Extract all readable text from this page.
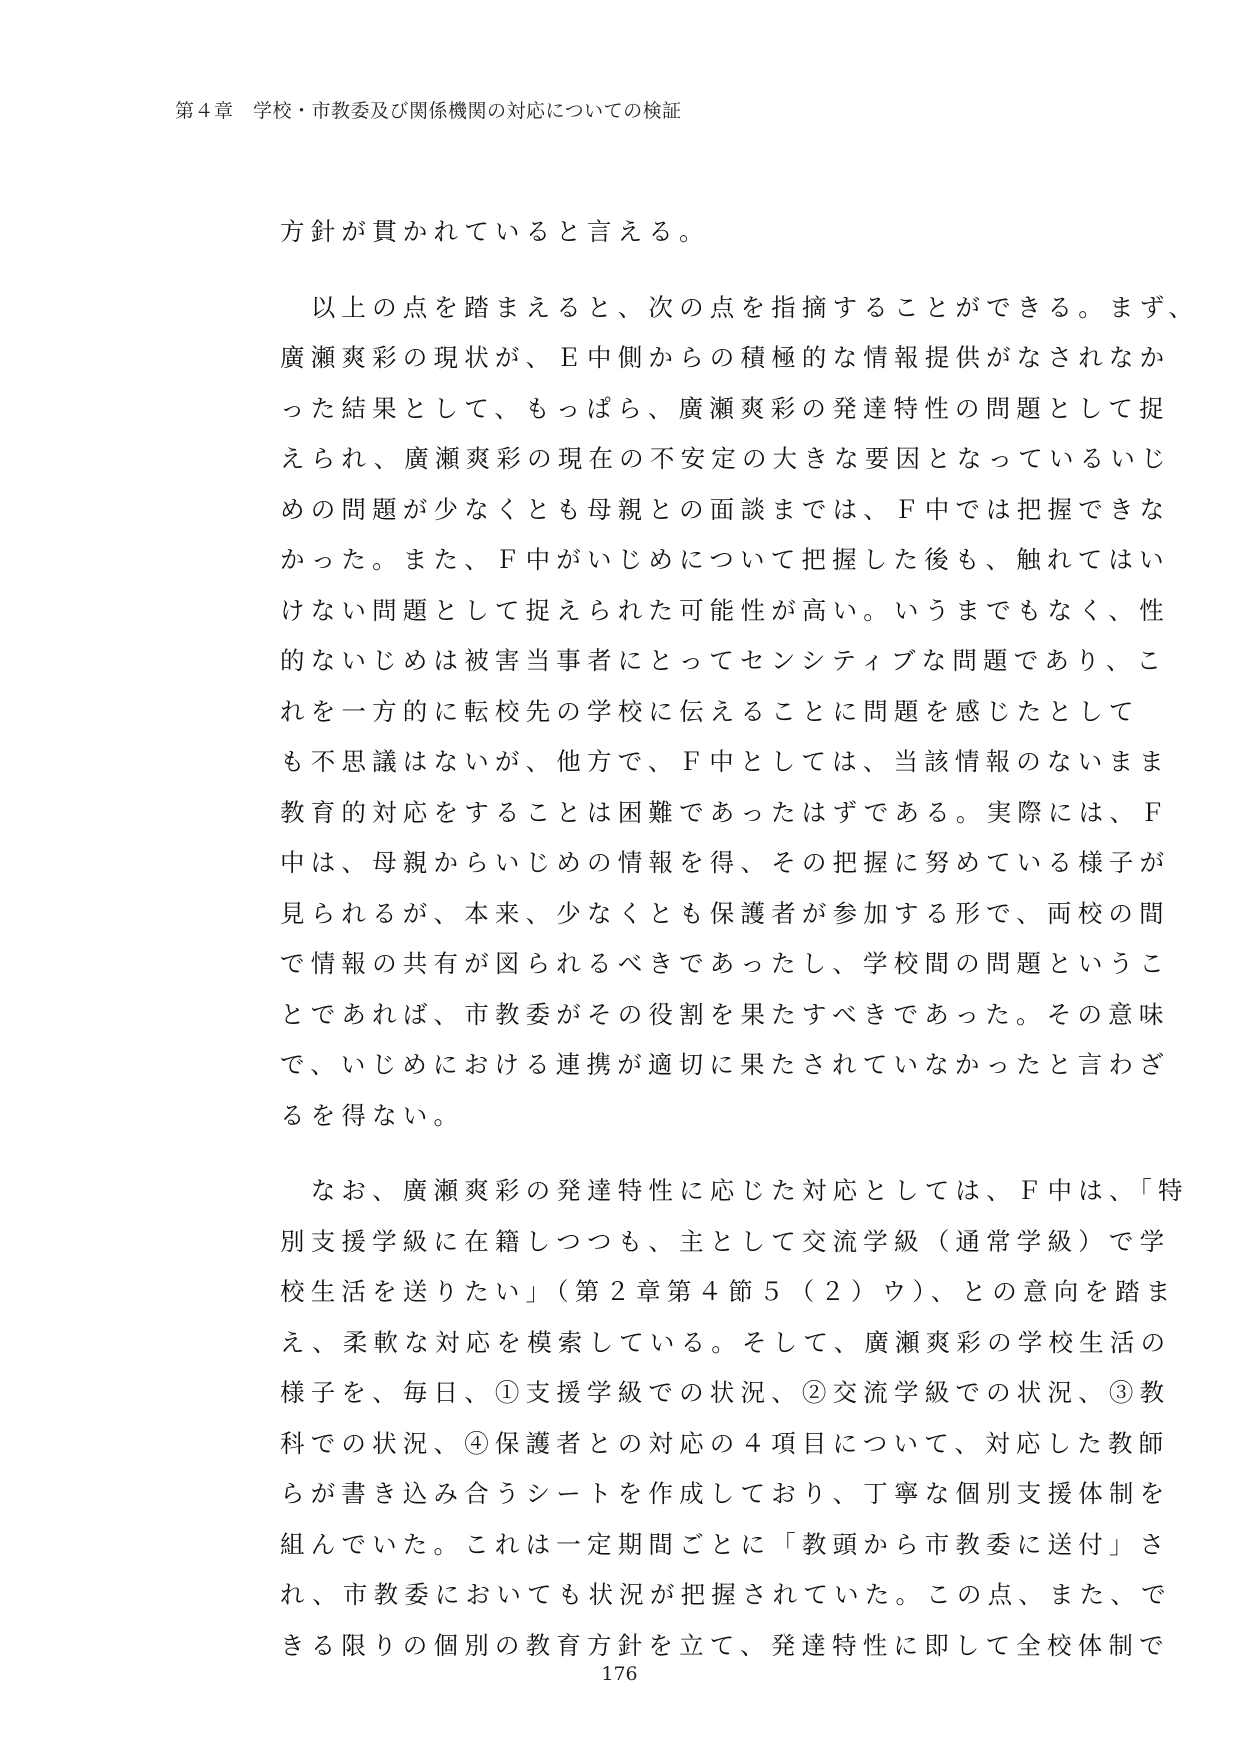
第４章　学校・市教委及び関係機関の対応についての検証
方針が貫かれていると言える。
　以上の点を踏まえると、次の点を指摘することができる。まず、
廣瀬爽彩の現状が、Ｅ中側からの積極的な情報提供がなされなか
った結果として、もっぱら、廣瀬爽彩の発達特性の問題として捉
えられ、廣瀬爽彩の現在の不安定の大きな要因となっているいじ
めの問題が少なくとも母親との面談までは、Ｆ中では把握できな
かった。また、Ｆ中がいじめについて把握した後も、触れてはい
けない問題として捉えられた可能性が高い。いうまでもなく、性
的ないじめは被害当事者にとってセンシティブな問題であり、こ
れを一方的に転校先の学校に伝えることに問題を感じたとして
も不思議はないが、他方で、Ｆ中としては、当該情報のないまま
教育的対応をすることは困難であったはずである。実際には、Ｆ
中は、母親からいじめの情報を得、その把握に努めている様子が
見られるが、本来、少なくとも保護者が参加する形で、両校の間
で情報の共有が図られるべきであったし、学校間の問題というこ
とであれば、市教委がその役割を果たすべきであった。その意味
で、いじめにおける連携が適切に果たされていなかったと言わざ
るを得ない。
　なお、廣瀬爽彩の発達特性に応じた対応としては、Ｆ中は、「特
別支援学級に在籍しつつも、主として交流学級（通常学級）で学
校生活を送りたい」（第２章第４節５（２）ウ）、との意向を踏ま
え、柔軟な対応を模索している。そして、廣瀬爽彩の学校生活の
様子を、毎日、①支援学級での状況、②交流学級での状況、③教
科での状況、④保護者との対応の４項目について、対応した教師
らが書き込み合うシートを作成しており、丁寧な個別支援体制を
組んでいた。これは一定期間ごとに「教頭から市教委に送付」さ
れ、市教委においても状況が把握されていた。この点、また、で
きる限りの個別の教育方針を立て、発達特性に即して全校体制で
176
